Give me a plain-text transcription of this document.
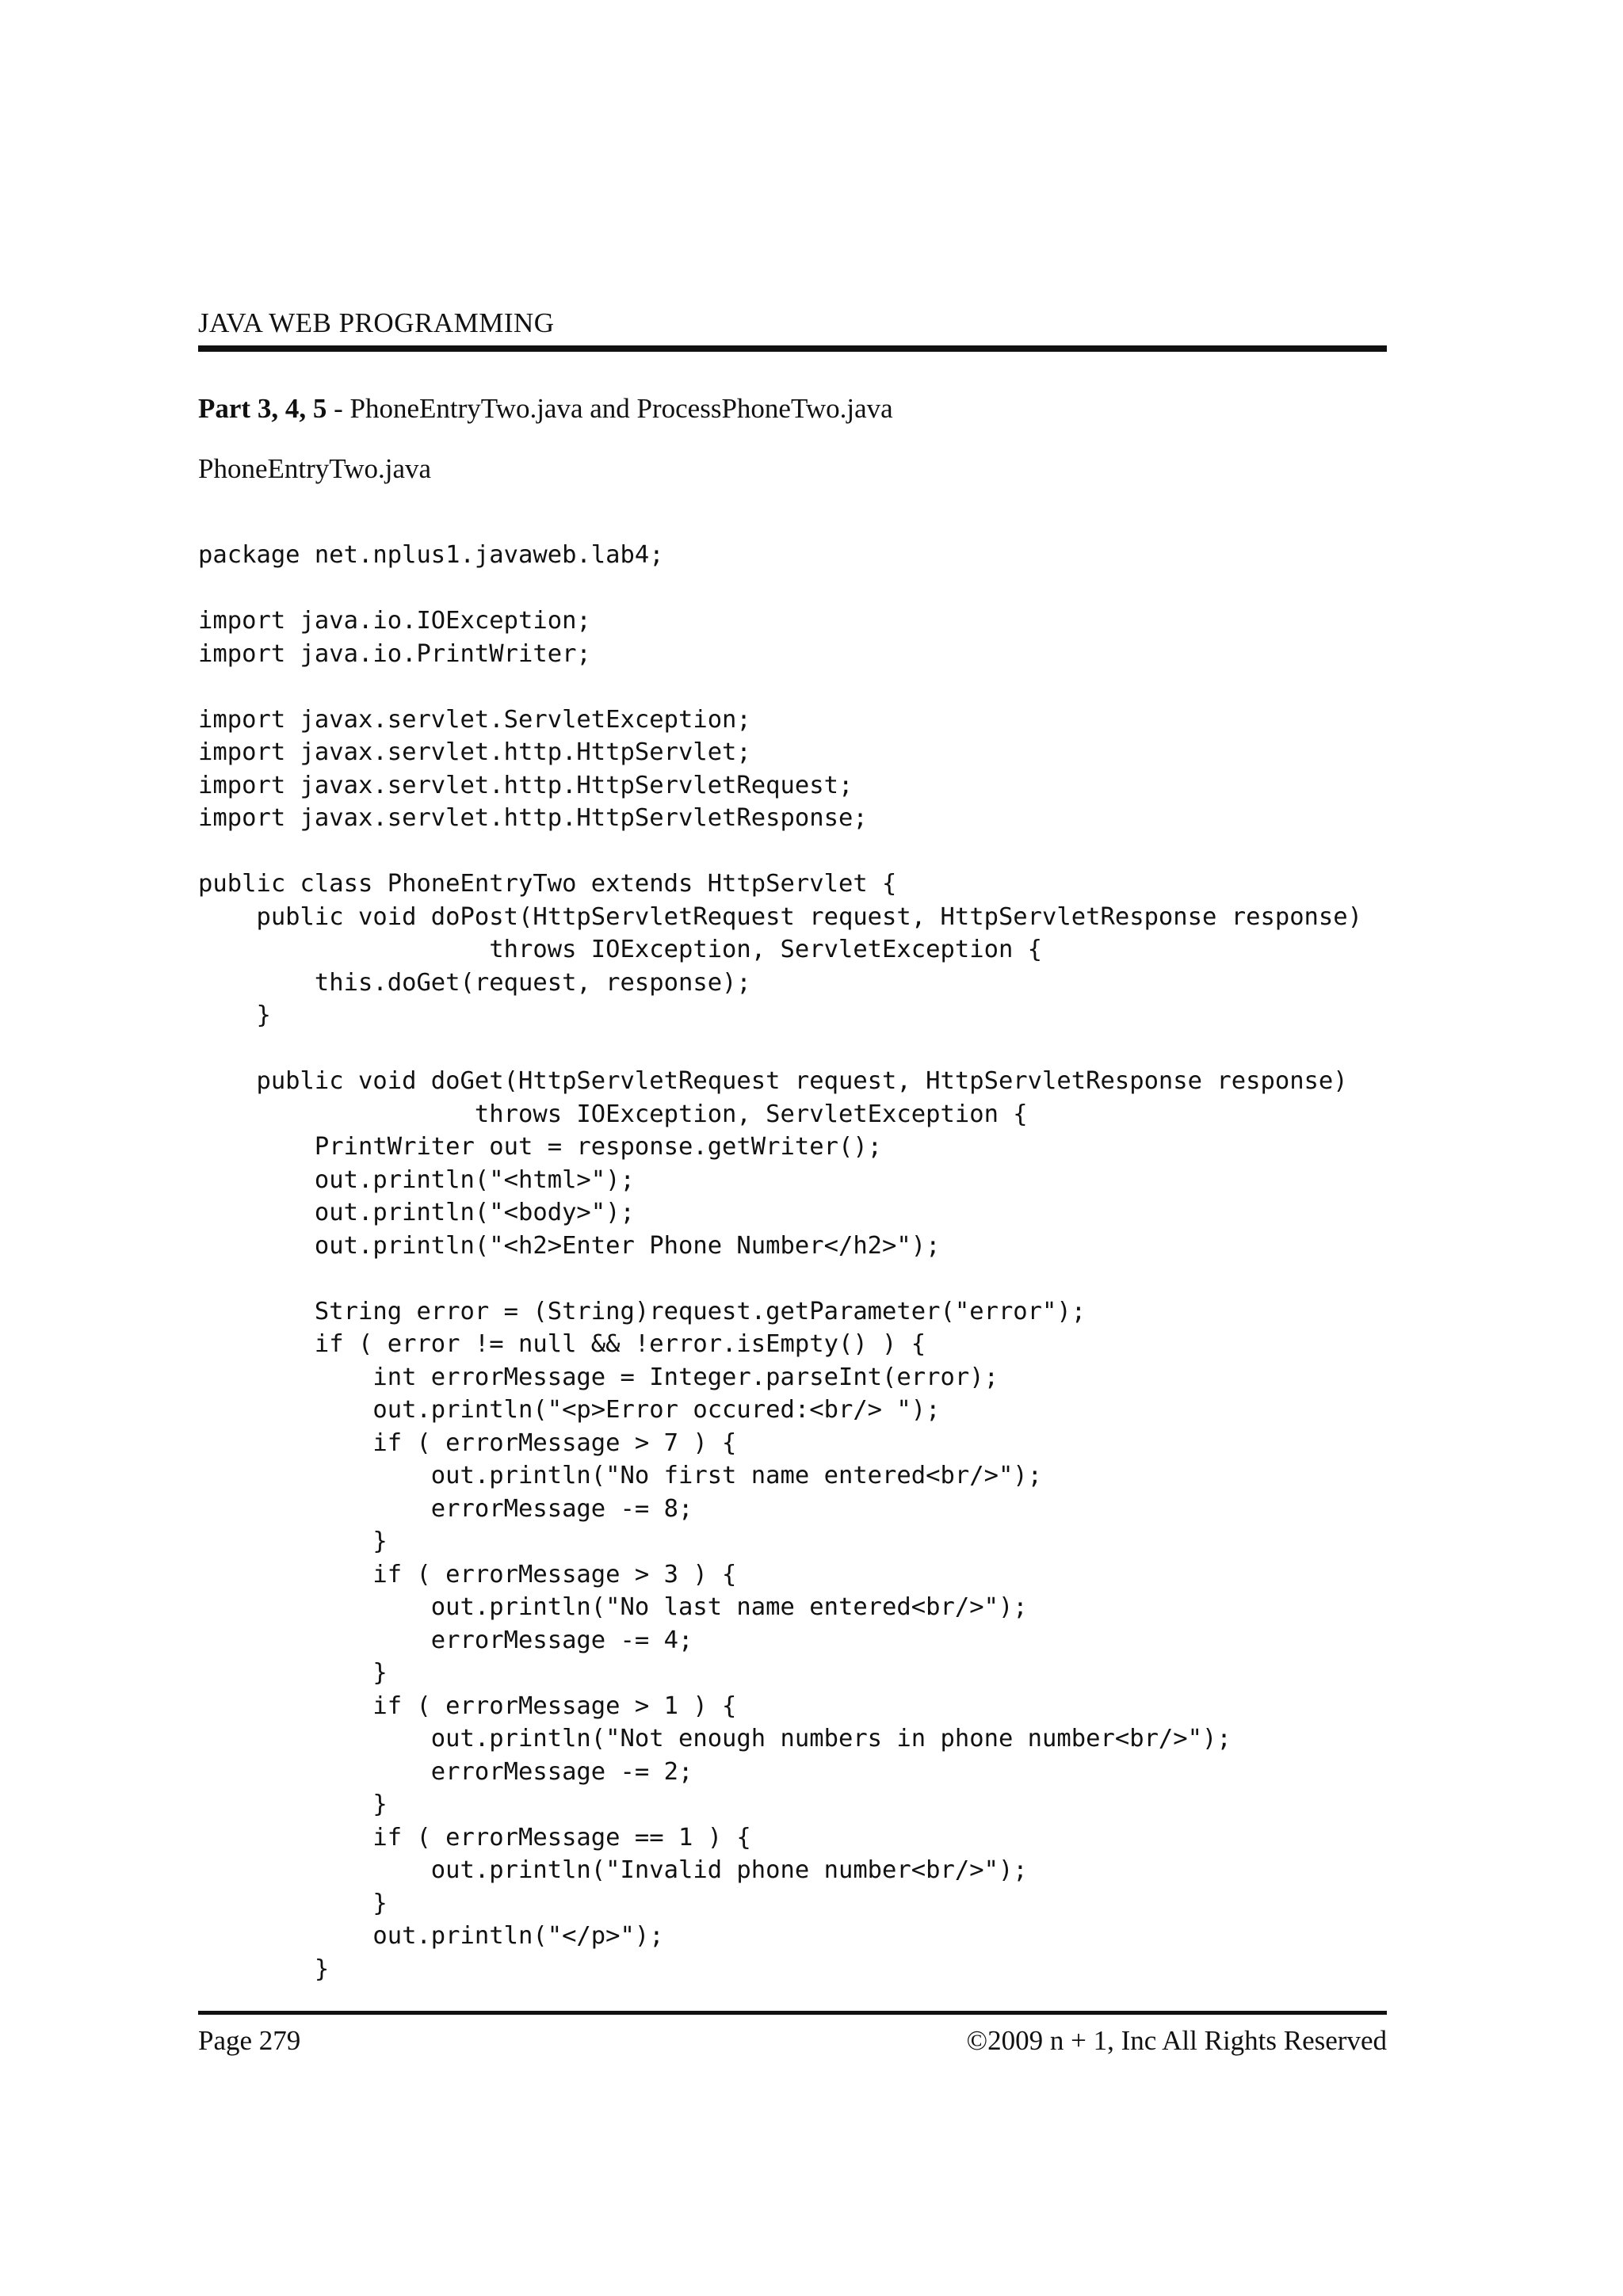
JAVA WEB PROGRAMMING
Part 3, 4, 5 - PhoneEntryTwo.java and ProcessPhoneTwo.java
PhoneEntryTwo.java
package net.nplus1.javaweb.lab4;

import java.io.IOException;
import java.io.PrintWriter;

import javax.servlet.ServletException;
import javax.servlet.http.HttpServlet;
import javax.servlet.http.HttpServletRequest;
import javax.servlet.http.HttpServletResponse;

public class PhoneEntryTwo extends HttpServlet {
public void doPost(HttpServletRequest request, HttpServletResponse response)
throws IOException, ServletException {
this.doGet(request, response);
}

public void doGet(HttpServletRequest request, HttpServletResponse response)
throws IOException, ServletException {
PrintWriter out = response.getWriter();
out.println("<html>");
out.println("<body>");
out.println("<h2>Enter Phone Number</h2>");

String error = (String)request.getParameter("error");
if ( error != null && !error.isEmpty() ) {
int errorMessage = Integer.parseInt(error);
out.println("<p>Error occured:<br/> ");
if ( errorMessage > 7 ) {
out.println("No first name entered<br/>");
errorMessage -= 8;
}
if ( errorMessage > 3 ) {
out.println("No last name entered<br/>");
errorMessage -= 4;
}
if ( errorMessage > 1 ) {
out.println("Not enough numbers in phone number<br/>");
errorMessage -= 2;
}
if ( errorMessage == 1 ) {
out.println("Invalid phone number<br/>");
}
out.println("</p>");
}
Page 279	©2009 n + 1, Inc All Rights Reserved
